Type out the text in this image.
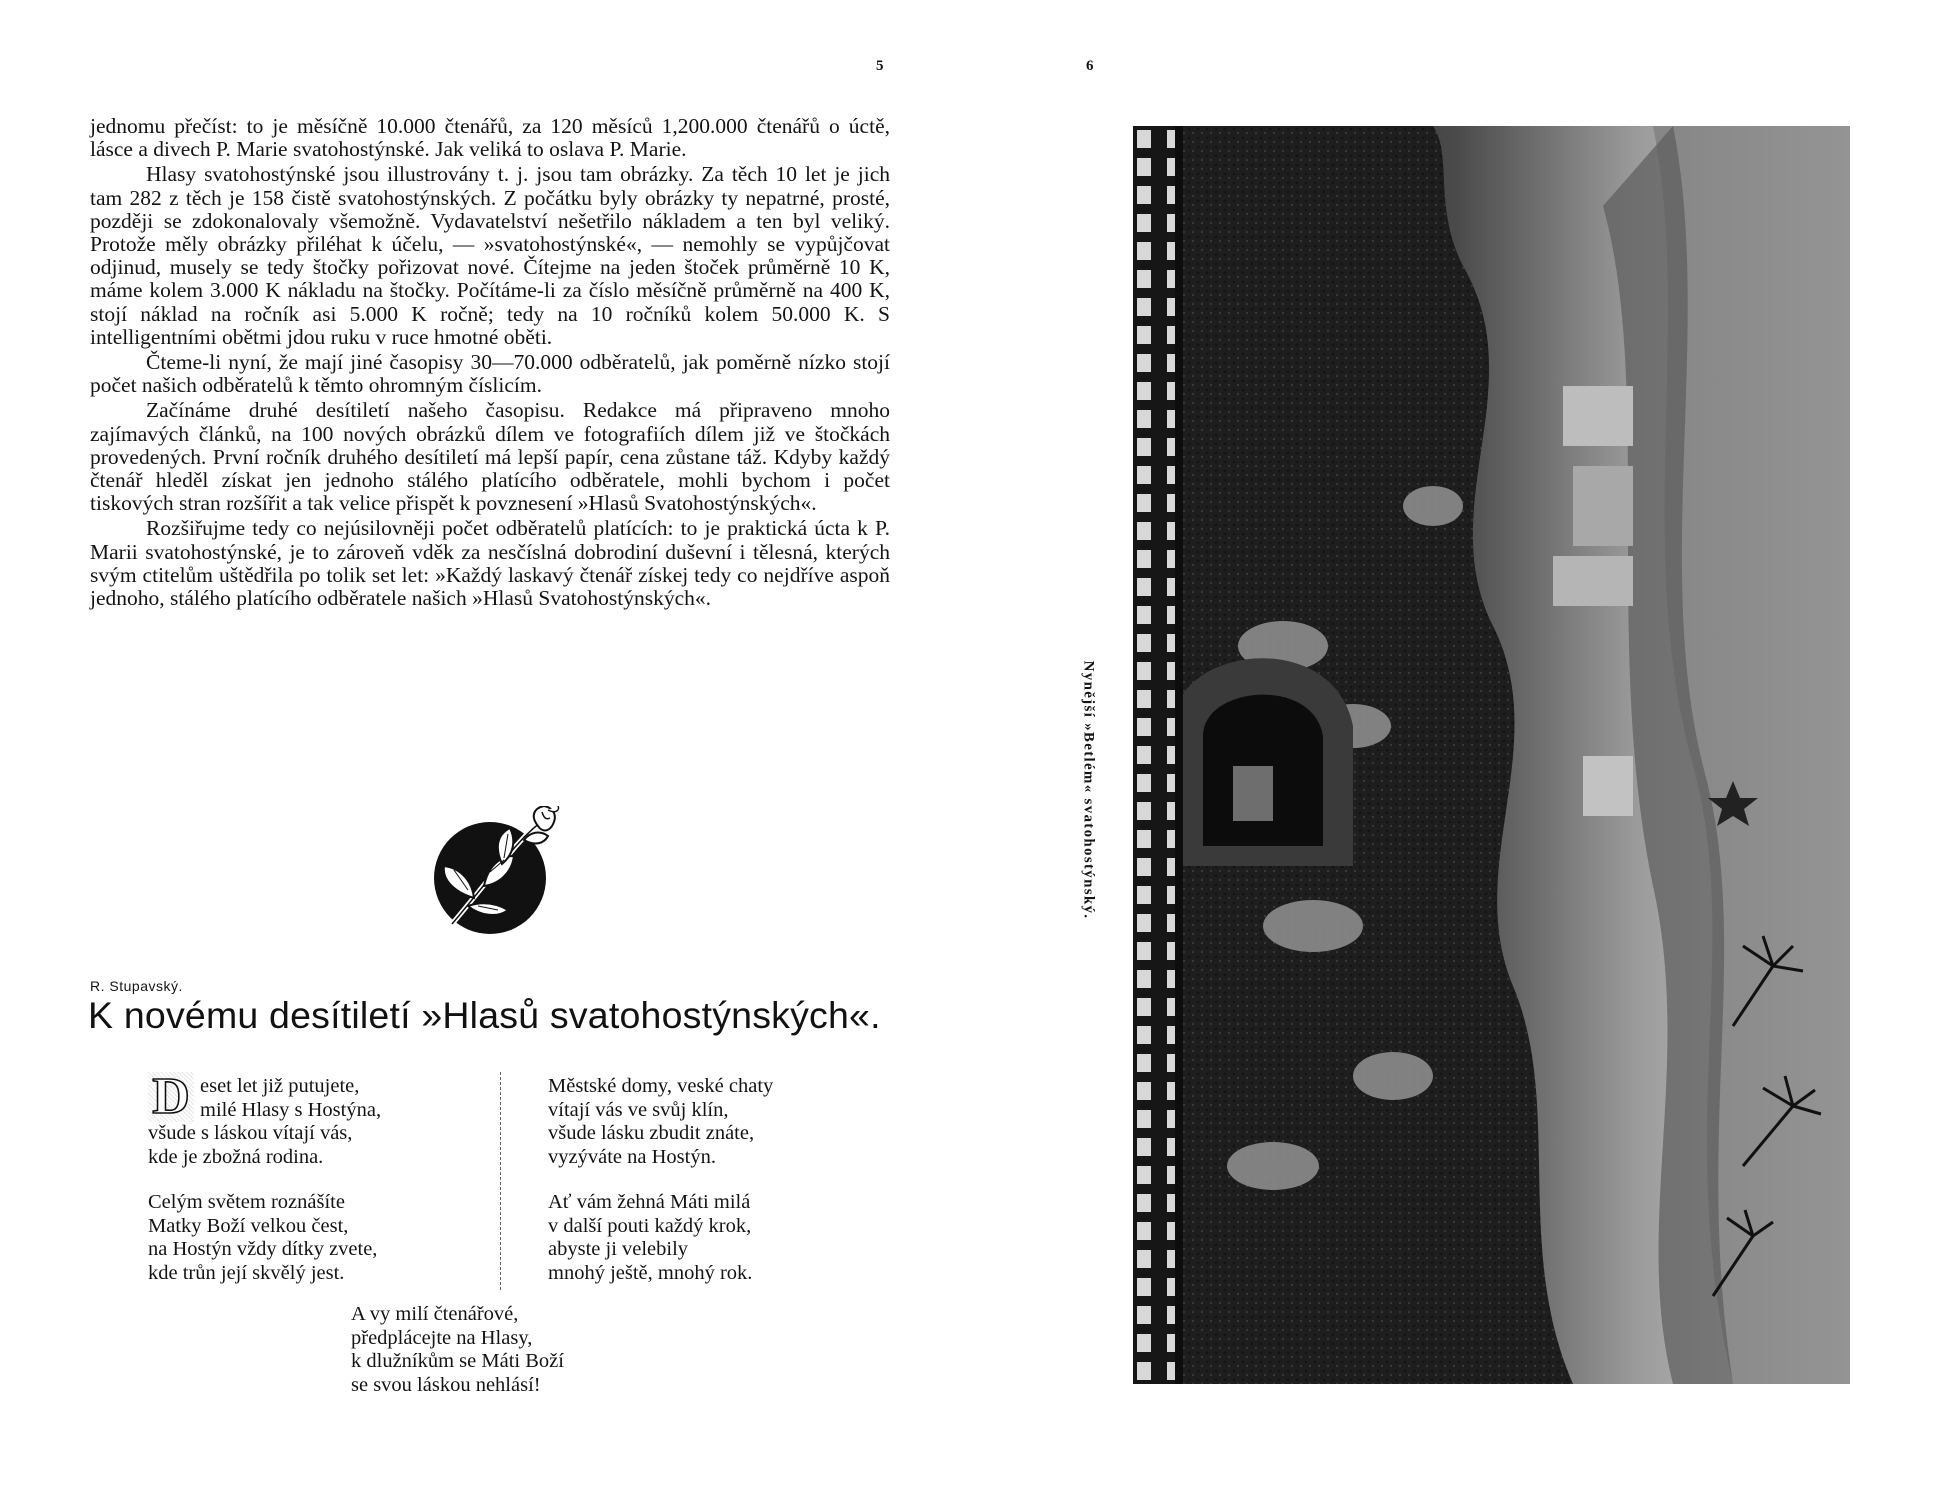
5	6

jednomu přečíst: to je měsíčně 10.000 čtenářů, za 120 měsíců 1,200.000 čtenářů o úctě, lásce a divech P. Marie svatohostýnské. Jak veliká to oslava P. Marie.

Hlasy svatohostýnské jsou illustrovány t. j. jsou tam obrázky. Za těch 10 let je jich tam 282 z těch je 158 čistě svatohostýnských. Z počátku byly obrázky ty nepatrné, prosté, později se zdokonalovaly všemožně. Vydavatelství nešetřilo nákladem a ten byl veliký. Protože měly obrázky přiléhat k účelu, — »svatohostýnské«, — nemohly se vypůjčovat odjinud, musely se tedy štočky pořizovat nové. Čítejme na jeden štoček průměrně 10 K, máme kolem 3.000 K nákladu na štočky. Počítáme-li za číslo měsíčně průměrně na 400 K, stojí náklad na ročník asi 5.000 K ročně; tedy na 10 ročníků kolem 50.000 K. S intelligentními obětmi jdou ruku v ruce hmotné oběti.

Čteme-li nyní, že mají jiné časopisy 30—70.000 odběratelů, jak poměrně nízko stojí počet našich odběratelů k těmto ohromným číslicím.

Začínáme druhé desítiletí našeho časopisu. Redakce má připraveno mnoho zajímavých článků, na 100 nových obrázků dílem ve fotografiích dílem již ve štočkách provedených. První ročník druhého desítiletí má lepší papír, cena zůstane táž. Kdyby každý čtenář hleděl získat jen jednoho stálého platícího odběratele, mohli bychom i počet tiskových stran rozšířit a tak velice přispět k povznesení »Hlasů Svatohostýnských«.

Rozšiřujme tedy co nejúsilovněji počet odběratelů platících: to je praktická úcta k P. Marii svatohostýnské, je to zároveň vděk za nesčíslná dobrodiní duševní i tělesná, kterých svým ctitelům uštědřila po tolik set let: »Každý laskavý čtenář získej tedy co nejdříve aspoň jednoho, stálého platícího odběratele našich »Hlasů Svatohostýnských«.

R. Stupavský.
K novému desítiletí »Hlasů svatohostýnských«.
D eset let již putujete,
milé Hlasy s Hostýna,
všude s láskou vítají vás,
kde je zbožná rodina.
Celým světem roznášíte
Matky Boží velkou čest,
na Hostýn vždy dítky zvete,
kde trůn její skvělý jest.
Městské domy, veské chaty
vítají vás ve svůj klín,
všude lásku zbudit znáte,
vyzýváte na Hostýn.
Ať vám žehná Máti milá
v další pouti každý krok,
abyste ji velebily
mnohý ještě, mnohý rok.
A vy milí čtenářové,
předplácejte na Hlasy,
k dlužníkům se Máti Boží
se svou láskou nehlásí!
Nynější »Betlém« svatohostýnský.
